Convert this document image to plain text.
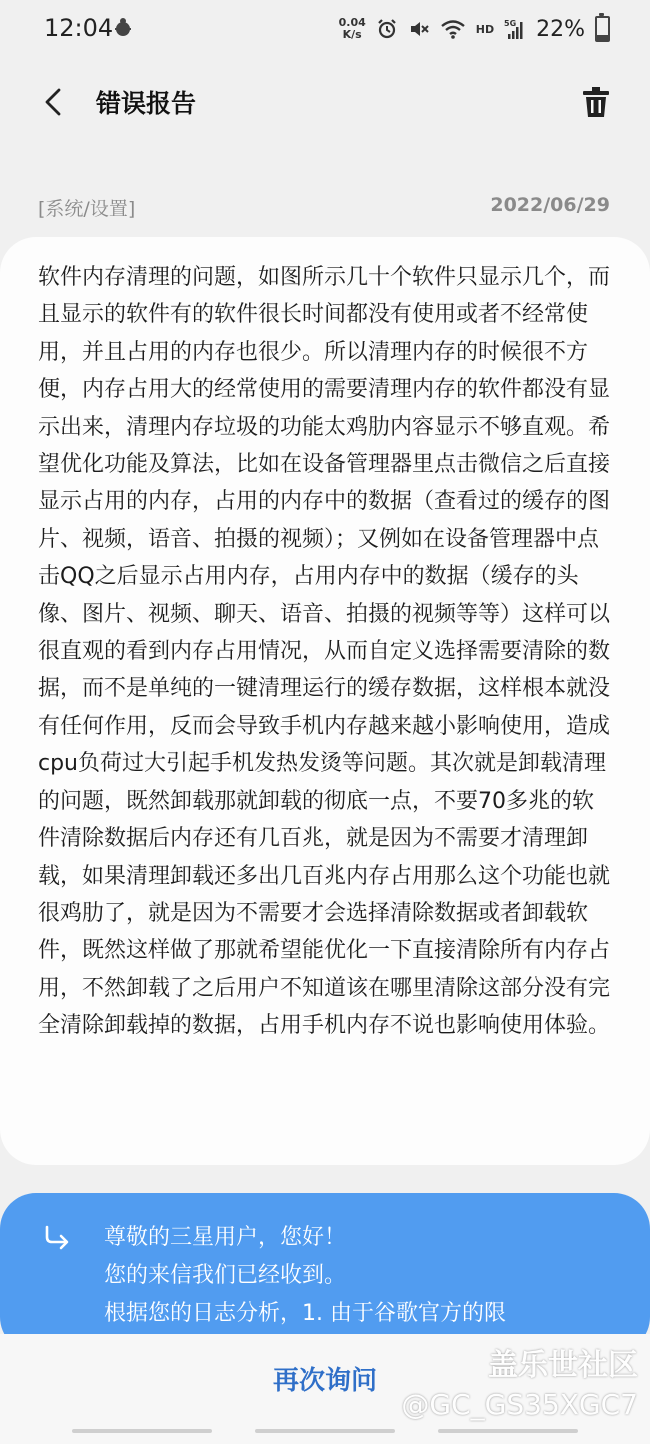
12:04	0.04
K/s	HD 5G 22%
错误报告
[系统/设置]	2022/06/29

软件内存清理的问题，如图所示几十个软件只显示几个，而且显示的软件有的软件很长时间都没有使用或者不经常使用，并且占用的内存也很少。所以清理内存的时候很不方便，内存占用大的经常使用的需要清理内存的软件都没有显示出来，清理内存垃圾的功能太鸡肋内容显示不够直观。希望优化功能及算法，比如在设备管理器里点击微信之后直接显示占用的内存，占用的内存中的数据（查看过的缓存的图片、视频，语音、拍摄的视频）；又例如在设备管理器中点击QQ之后显示占用内存，占用内存中的数据（缓存的头像、图片、视频、聊天、语音、拍摄的视频等等）这样可以很直观的看到内存占用情况，从而自定义选择需要清除的数据，而不是单纯的一键清理运行的缓存数据，这样根本就没有任何作用，反而会导致手机内存越来越小影响使用，造成cpu负荷过大引起手机发热发烫等问题。其次就是卸载清理的问题，既然卸载那就卸载的彻底一点，不要70多兆的软件清除数据后内存还有几百兆，就是因为不需要才清理卸载，如果清理卸载还多出几百兆内存占用那么这个功能也就很鸡肋了，就是因为不需要才会选择清除数据或者卸载软件，既然这样做了那就希望能优化一下直接清除所有内存占用，不然卸载了之后用户不知道该在哪里清除这部分没有完全清除卸载掉的数据，占用手机内存不说也影响使用体验。

尊敬的三星用户，您好！
您的来信我们已经收到。
根据您的日志分析，1. 由于谷歌官方的限

再次询问	盖乐世社区
@GC_GS35XGC7
